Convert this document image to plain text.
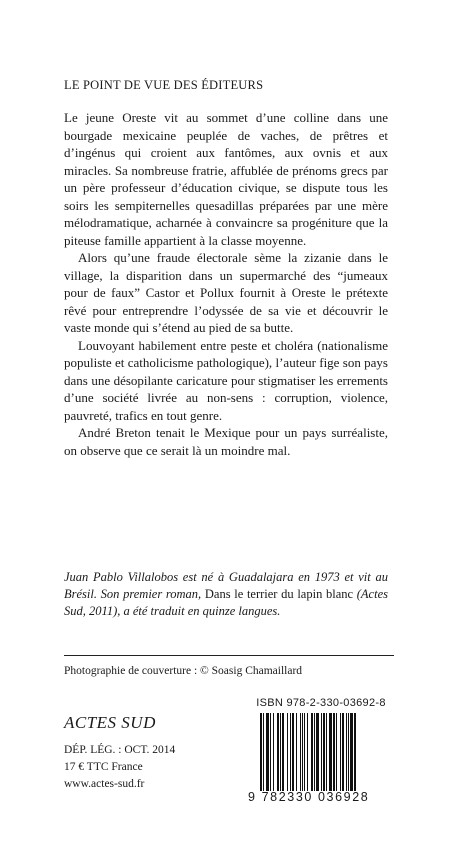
LE POINT DE VUE DES ÉDITEURS

Le jeune Oreste vit au sommet d’une colline dans une bourgade mexicaine peuplée de vaches, de prêtres et d’ingénus qui croient aux fantômes, aux ovnis et aux miracles. Sa nombreuse fratrie, affublée de prénoms grecs par un père professeur d’éducation civique, se dispute tous les soirs les sempiternelles quesadillas préparées par une mère mélodramatique, acharnée à convaincre sa progéniture que la piteuse famille appartient à la classe moyenne.

Alors qu’une fraude électorale sème la zizanie dans le village, la disparition dans un supermarché des “jumeaux pour de faux” Castor et Pollux fournit à Oreste le prétexte rêvé pour entreprendre l’odyssée de sa vie et découvrir le vaste monde qui s’étend au pied de sa butte.

Louvoyant habilement entre peste et choléra (nationalisme populiste et catholicisme pathologique), l’auteur fige son pays dans une désopilante caricature pour stigmatiser les errements d’une société livrée au non-sens : corruption, violence, pauvreté, trafics en tout genre.

André Breton tenait le Mexique pour un pays surréaliste, on observe que ce serait là un moindre mal.

Juan Pablo Villalobos est né à Guadalajara en 1973 et vit au Brésil. Son premier roman, Dans le terrier du lapin blanc (Actes Sud, 2011), a été traduit en quinze langues.
Photographie de couverture : © Soasig Chamaillard
ACTES SUD
DÉP. LÉG. : OCT. 2014
17 € TTC France
www.actes-sud.fr
ISBN 978-2-330-03692-8
9 782330 036928
